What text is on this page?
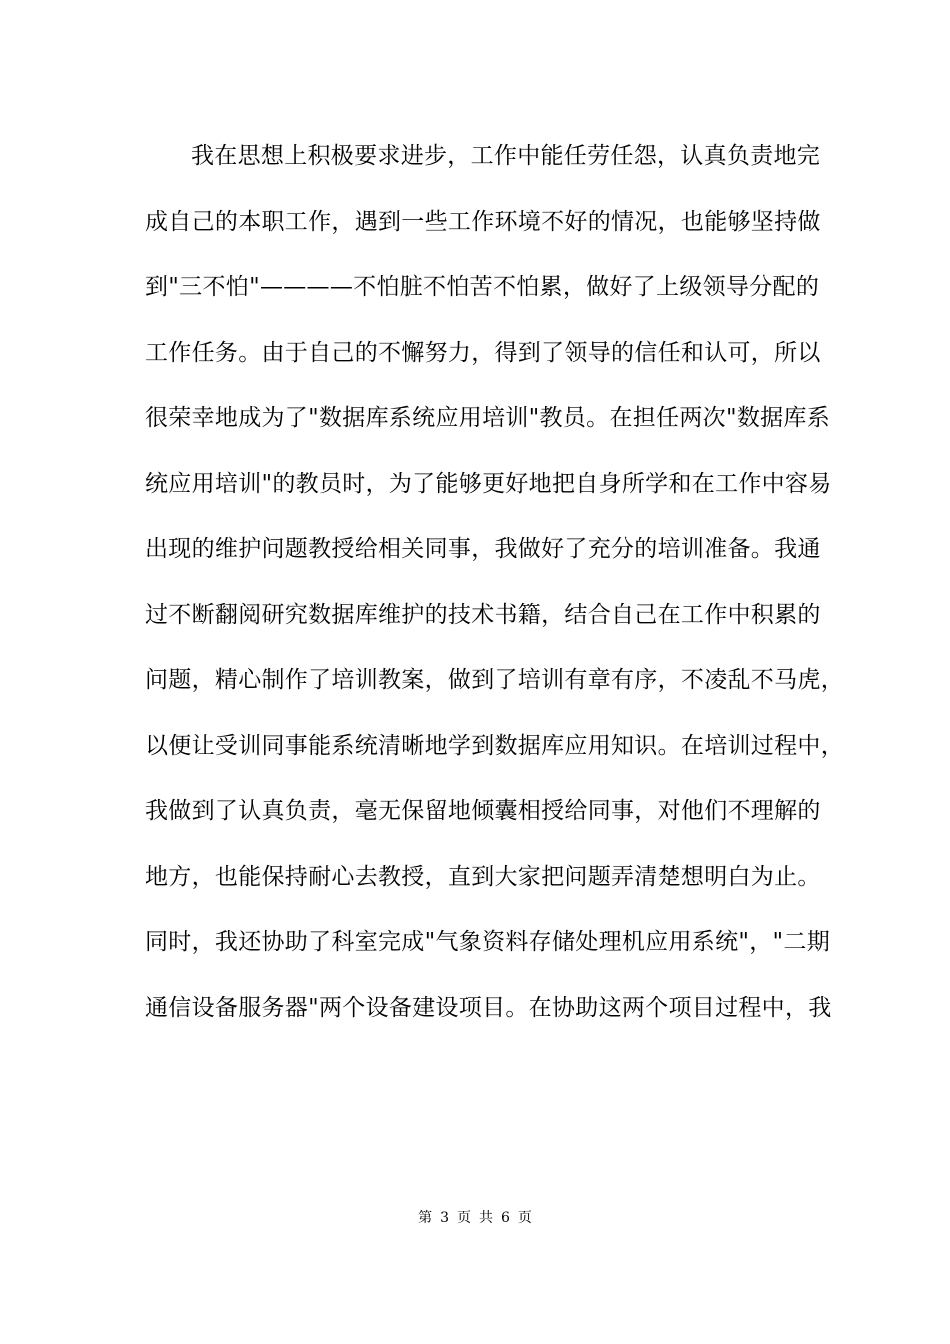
我在思想上积极要求进步，工作中能任劳任怨，认真负责地完
成自己的本职工作，遇到一些工作环境不好的情况，也能够坚持做
到"三不怕"————不怕脏不怕苦不怕累，做好了上级领导分配的
工作任务。由于自己的不懈努力，得到了领导的信任和认可，所以
很荣幸地成为了"数据库系统应用培训"教员。在担任两次"数据库系
统应用培训"的教员时，为了能够更好地把自身所学和在工作中容易
出现的维护问题教授给相关同事，我做好了充分的培训准备。我通
过不断翻阅研究数据库维护的技术书籍，结合自己在工作中积累的
问题，精心制作了培训教案，做到了培训有章有序，不凌乱不马虎，
以便让受训同事能系统清晰地学到数据库应用知识。在培训过程中，
我做到了认真负责，毫无保留地倾囊相授给同事，对他们不理解的
地方，也能保持耐心去教授，直到大家把问题弄清楚想明白为止。
同时，我还协助了科室完成"气象资料存储处理机应用系统"，"二期
通信设备服务器"两个设备建设项目。在协助这两个项目过程中，我
第 3 页 共 6 页
